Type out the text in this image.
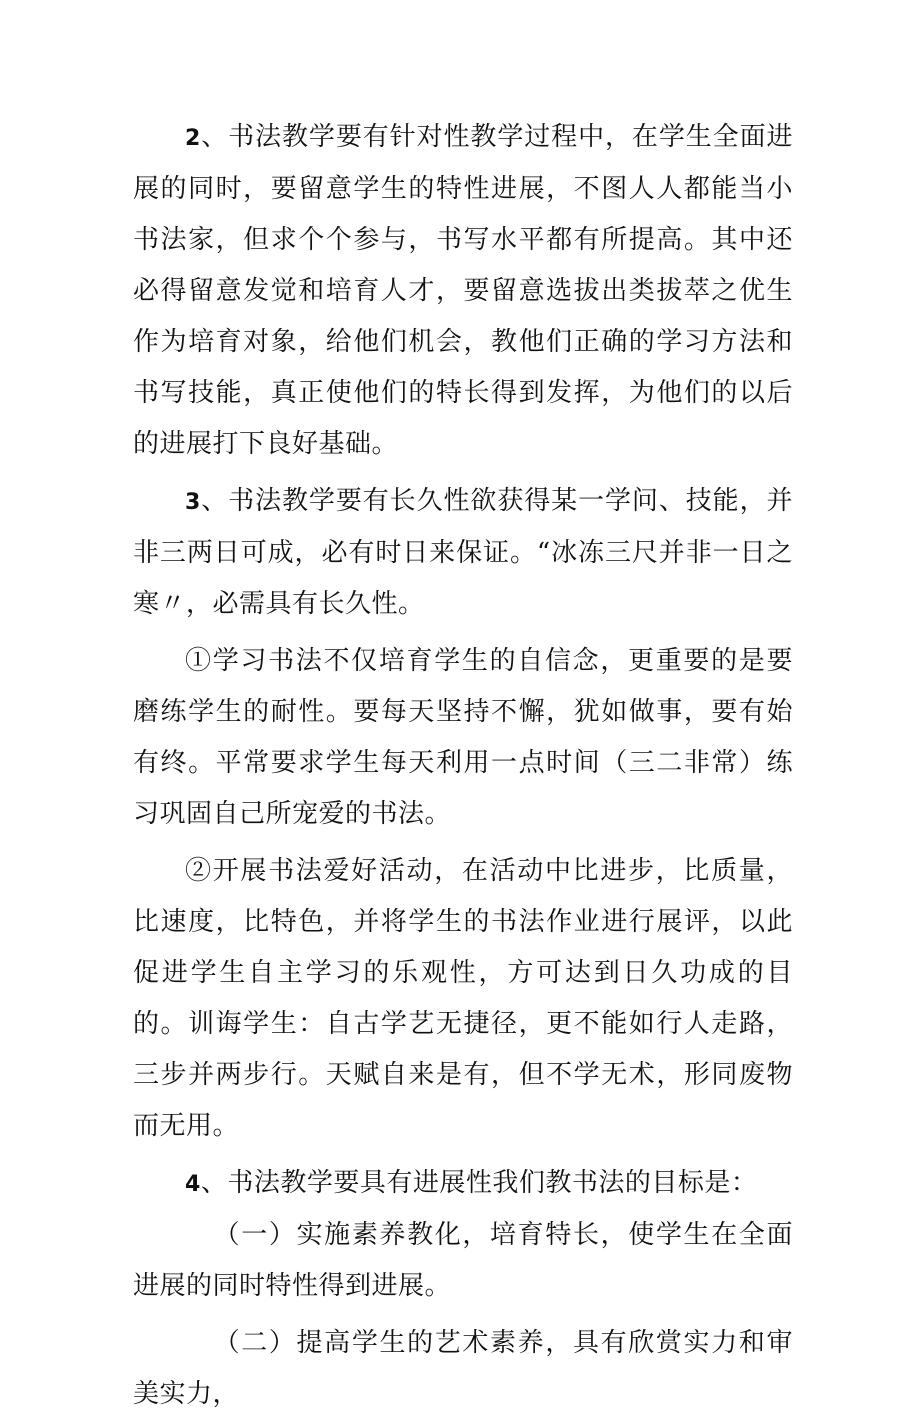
2、书法教学要有针对性教学过程中，在学生全面进展的同时，要留意学生的特性进展，不图人人都能当小书法家，但求个个参与，书写水平都有所提高。其中还必得留意发觉和培育人才，要留意选拔出类拔萃之优生作为培育对象，给他们机会，教他们正确的学习方法和书写技能，真正使他们的特长得到发挥，为他们的以后的进展打下良好基础。

3、书法教学要有长久性欲获得某一学问、技能，并非三两日可成，必有时日来保证。“冰冻三尺并非一日之寒〃，必需具有长久性。

①学习书法不仅培育学生的自信念，更重要的是要磨练学生的耐性。要每天坚持不懈，犹如做事，要有始有终。平常要求学生每天利用一点时间（三二非常）练习巩固自己所宠爱的书法。

②开展书法爱好活动，在活动中比进步，比质量，比速度，比特色，并将学生的书法作业进行展评，以此促进学生自主学习的乐观性，方可达到日久功成的目的。训诲学生：自古学艺无捷径，更不能如行人走路，三步并两步行。天赋自来是有，但不学无术，形同废物而无用。

4、书法教学要具有进展性我们教书法的目标是：

（一）实施素养教化，培育特长，使学生在全面进展的同时特性得到进展。

（二）提高学生的艺术素养，具有欣赏实力和审美实力，
